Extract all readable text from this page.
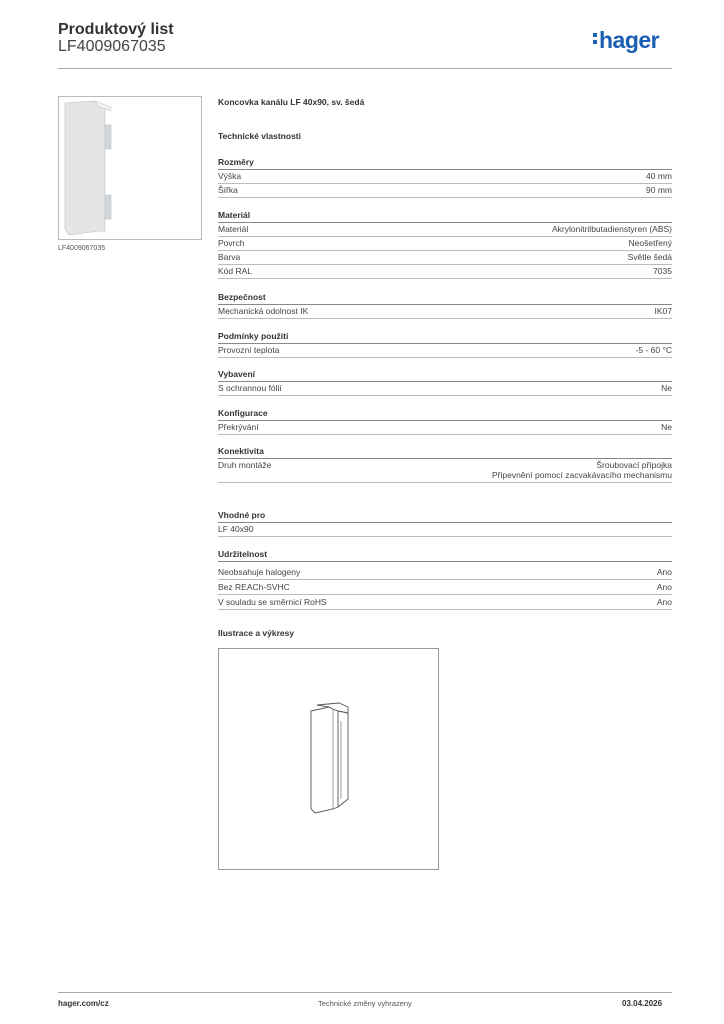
Produktový list
LF4009067035	hager
LF4009067035
Koncovka kanálu LF 40x90, sv. šedá
Technické vlastnosti
Rozměry
Výška	40 mm
Šířka	90 mm
Materiál
Materiál	Akrylonitrilbutadienstyren (ABS)
Povrch	Neošetřený
Barva	Světle šedá
Kód RAL	7035
Bezpečnost
Mechanická odolnost IK	IK07
Podmínky použití
Provozní teplota	-5 - 60 °C
Vybavení
S ochrannou fólií	Ne
Konfigurace
Překrývání	Ne
Konektivita
Druh montáže	Šroubovací přípojka
Připevnění pomocí zacvakávacího mechanismu
Vhodné pro
LF 40x90
Udržitelnost
Neobsahuje halogeny	Ano
Bez REACh-SVHC	Ano
V souladu se směrnicí RoHS	Ano
Ilustrace a výkresy
hager.com/cz	Technické změny vyhrazeny	03.04.2026
